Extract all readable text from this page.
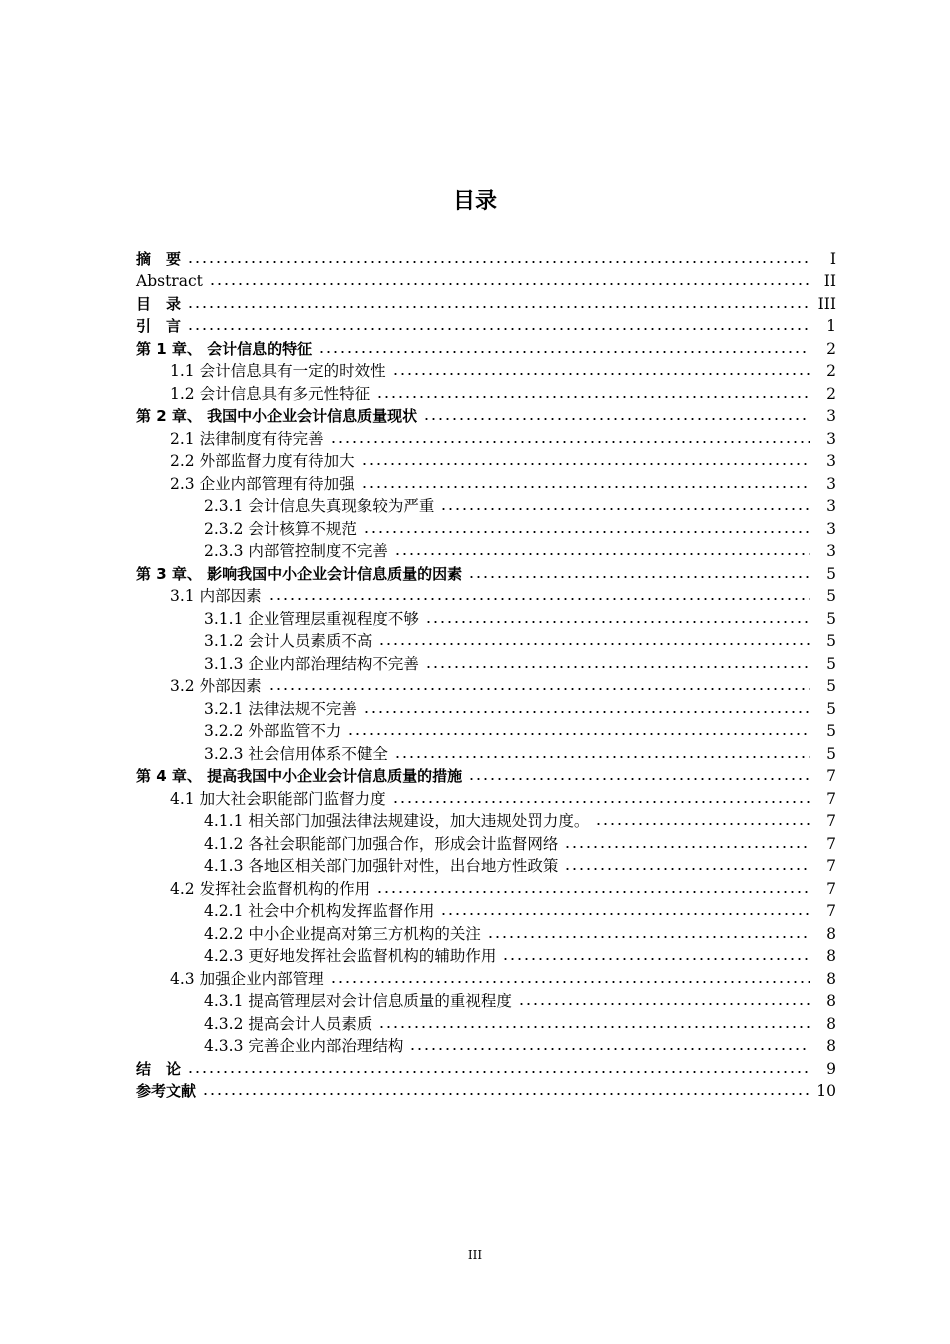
目录
摘　要	I
Abstract	II
目　录	III
引　言	1
第 1 章、 会计信息的特征	2
1.1 会计信息具有一定的时效性	2
1.2 会计信息具有多元性特征	2
第 2 章、 我国中小企业会计信息质量现状	3
2.1 法律制度有待完善	3
2.2 外部监督力度有待加大	3
2.3 企业内部管理有待加强	3
2.3.1 会计信息失真现象较为严重	3
2.3.2 会计核算不规范	3
2.3.3 内部管控制度不完善	3
第 3 章、 影响我国中小企业会计信息质量的因素	5
3.1 内部因素	5
3.1.1 企业管理层重视程度不够	5
3.1.2 会计人员素质不高	5
3.1.3 企业内部治理结构不完善	5
3.2 外部因素	5
3.2.1 法律法规不完善	5
3.2.2 外部监管不力	5
3.2.3 社会信用体系不健全	5
第 4 章、 提高我国中小企业会计信息质量的措施	7
4.1 加大社会职能部门监督力度	7
4.1.1 相关部门加强法律法规建设，加大违规处罚力度。	7
4.1.2 各社会职能部门加强合作，形成会计监督网络	7
4.1.3 各地区相关部门加强针对性，出台地方性政策	7
4.2 发挥社会监督机构的作用	7
4.2.1 社会中介机构发挥监督作用	7
4.2.2 中小企业提高对第三方机构的关注	8
4.2.3 更好地发挥社会监督机构的辅助作用	8
4.3 加强企业内部管理	8
4.3.1 提高管理层对会计信息质量的重视程度	8
4.3.2 提高会计人员素质	8
4.3.3 完善企业内部治理结构	8
结　论	9
参考文献	10
III
